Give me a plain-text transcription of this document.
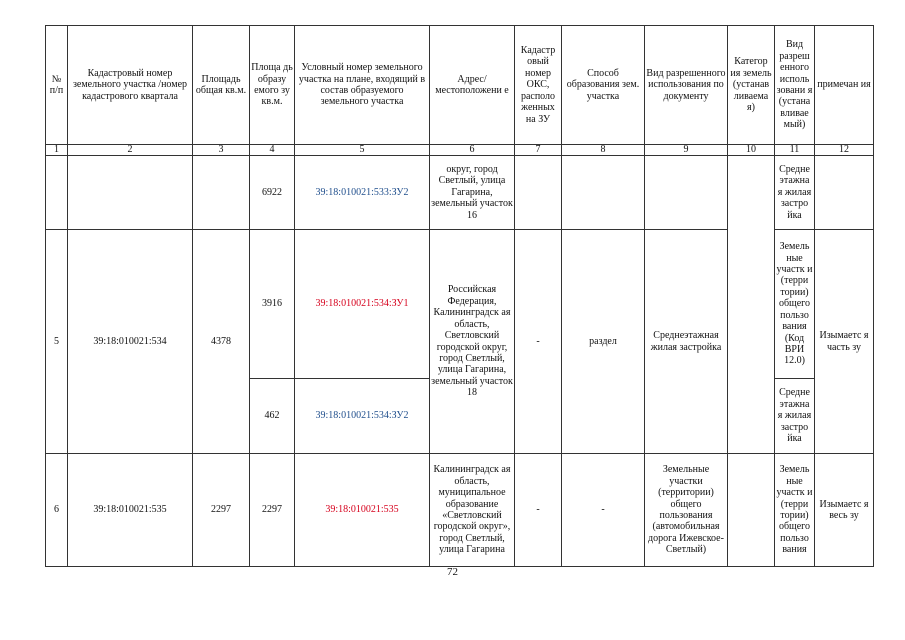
№ п/п	Кадастровый номер земельного участка /номер кадастрового квартала	Площадь общая кв.м.	Площа дь образу емого зу кв.м.	Условный номер земельного участка на плане, входящий в состав образуемого земельного участка	Адрес/ местоположени е	Кадастр овый номер ОКС, располо женных на ЗУ	Способ образования зем. участка	Вид разрешенного использования по документу	Категор ия земель (устанав ливаема я)	Вид разреш енного исполь зовани я (устана вливае мый)	примечан ия
1	2	3	4	5	6	7	8	9	10	11	12
			6922	39:18:010021:533:ЗУ2	округ, город Светлый, улица Гагарина, земельный участок 16					Средне этажна я жилая застро йка	
5	39:18:010021:534	4378	3916	39:18:010021:534:ЗУ1	Российская Федерация, Калининградск ая область, Светловский городской округ, город Светлый, улица Гагарина, земельный участок 18	-	раздел	Среднеэтажная жилая застройка		Земель ные участк и (терри тории) общего пользо вания (Код ВРИ 12.0)	Изымаетс я часть зу
			462	39:18:010021:534:ЗУ2						Средне этажна я жилая застро йка	
6	39:18:010021:535	2297	2297	39:18:010021:535	Калининградск ая область, муниципальное образование «Светловский городской округ», город Светлый, улица Гагарина	-	-	Земельные участки (территории) общего пользования (автомобильная дорога Ижевское-Светлый)		Земель ные участк и (терри тории) общего пользо вания	Изымаетс я весь зу
72
